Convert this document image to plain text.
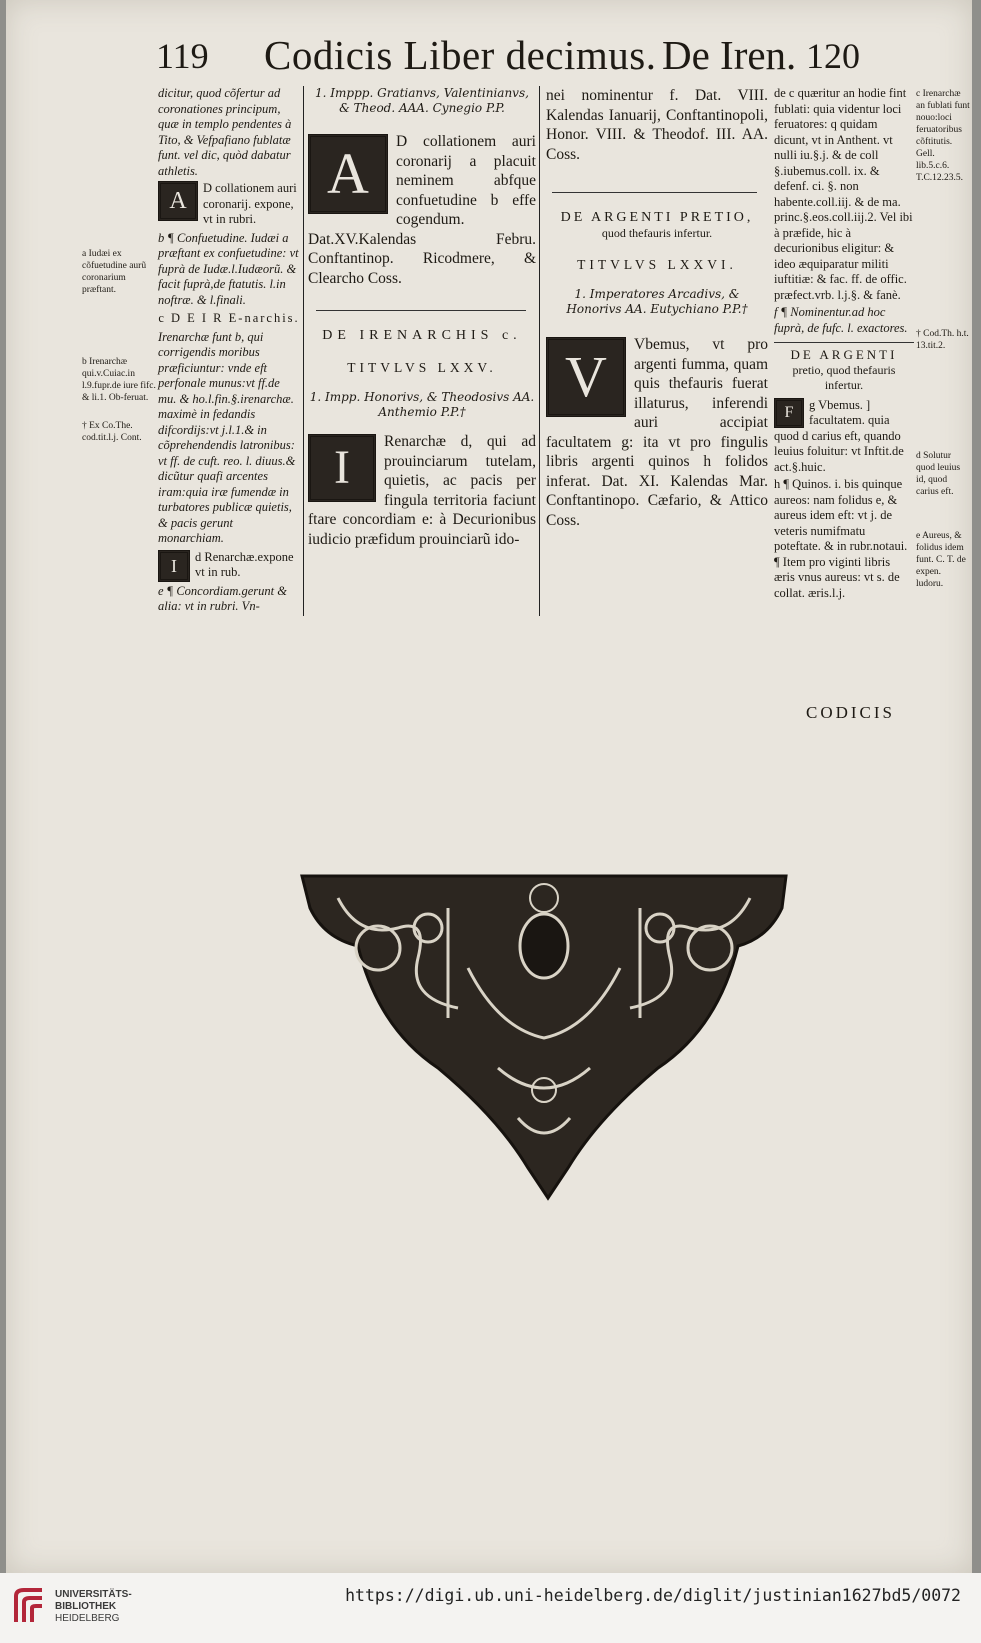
119 Codicis Liber decimus. De Iren. 120
a Iudæi ex cõfuetudine aurũ coronarium præftant.
b Irenarchæ qui.v.Cuiac.in l.9.fupr.de iure fifc. & li.1. Ob-feruat.
† Ex Co.The. cod.tit.l.j. Cont.
dicitur, quod cõfertur ad coronationes principum, quæ in templo pendentes à Tito, & Vefpafiano fublatæ funt. vel dic, quòd dabatur athletis.
A	D collationem auri coronarij. expone, vt in rubri.
b ¶ Confuetudine. Iudæi a præftant ex confuetudine: vt fuprà de Iudæ.l.Iudæorũ. & facit fuprà,de ftatutis. l.in noftræ. & l.finali.
c D E I R E-narchis.
Irenarchæ funt b, qui corrigendis moribus præficiuntur: vnde eft perfonale munus:vt ff.de mu. & ho.l.fin.§.irenarchæ. maximè in fedandis difcordijs:vt j.l.1.& in cõprehendendis latronibus: vt ff. de cuft. reo. l. diuus.& dicũtur quafi arcentes iram:quia iræ fumendæ in turbatores publicæ quietis, & pacis gerunt monarchiam.
I	d Renarchæ.expone vt in rub.
e ¶ Concordiam.gerunt & alia: vt in rubri. Vn-
1. Imppp. Gratianvs, Valentinianvs, & Theod. AAA. Cynegio P.P.
A	D collationem auri coronarij a placuit neminem abfque confuetudine b effe cogendum. Dat.XV.Kalendas Febru. Conftantinop. Ricodmere, & Clearcho Coss.
DE IRENARCHIS c.
TITVLVS LXXV.
1. Impp. Honorivs, & Theodosivs AA. Anthemio P.P.†
I	Renarchæ d, qui ad prouinciarum tutelam, quietis, ac pacis per fingula territoria faciunt ftare concordiam e: à Decurionibus iudicio præfidum prouinciarũ ido-
nei nominentur f. Dat. VIII. Kalendas Ianuarij, Conftantinopoli, Honor. VIII. & Theodof. III. AA. Coss.
DE ARGENTI PRETIO,
quod thefauris infertur.
TITVLVS LXXVI.
1. Imperatores Arcadivs, & Honorivs AA. Eutychiano P.P.†
V	Vbemus, vt pro argenti fumma, quam quis thefauris fuerat illaturus, inferendi auri accipiat facultatem g: ita vt pro fingulis libris argenti quinos h folidos inferat. Dat. XI. Kalendas Mar. Conftantinopo. Cæfario, & Attico Coss.
de c quæritur an hodie fint fublati: quia videntur loci feruatores: q quidam dicunt, vt in Anthent. vt nulli iu.§.j. & de coll §.iubemus.coll. ix. & defenf. ci. §. non habente.coll.iij. & de ma. princ.§.eos.coll.iij.2. Vel ibi à præfide, hic à decurionibus eligitur: & ideo æquiparatur militi iuftitiæ: & fac. ff. de offic. præfect.vrb. l.j.§. & fanè.
f ¶ Nominentur.ad hoc fuprà, de fufc. l. exactores.
DE ARGENTI
pretio, quod thefauris infertur.
F	g Vbemus. ] facultatem. quia quod d carius eft, quando leuius foluitur: vt Inftit.de act.§.huic.
h ¶ Quinos. i. bis quinque aureos: nam folidus e, & aureus idem eft: vt j. de veteris numifmatu poteftate. & in rubr.notaui. ¶ Item pro viginti libris æris vnus aureus: vt s. de collat. æris.l.j.
c Irenarchæ an fublati funt nouo:loci feruatoribus cõftitutis. Gell. lib.5.c.6. T.C.12.23.5.
† Cod.Th. h.t. 13.tit.2.
d Solutur quod leuius id, quod carius eft.
e Aureus, & folidus idem funt. C. T. de expen. ludoru.
CODICIS
UNIVERSITÄTS-
BIBLIOTHEK
HEIDELBERG
https://digi.ub.uni-heidelberg.de/diglit/justinian1627bd5/0072
